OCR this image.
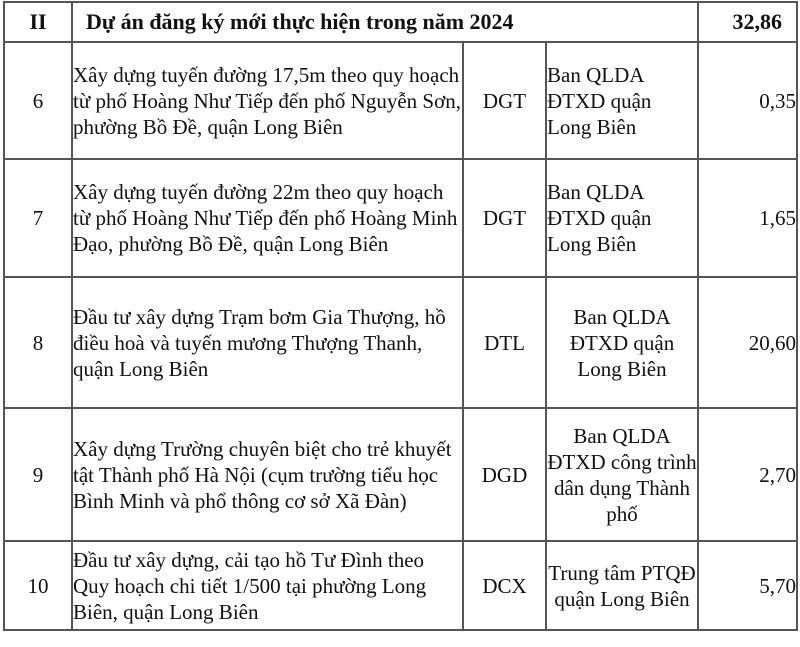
II	Dự án đăng ký mới thực hiện trong năm 2024			32,86
6	Xây dựng tuyến đường 17,5m theo quy hoạch từ phố Hoàng Như Tiếp đến phố Nguyễn Sơn, phường Bồ Đề, quận Long Biên	DGT	Ban QLDA ĐTXD quận Long Biên	0,35
7	Xây dựng tuyến đường 22m theo quy hoạch từ phố Hoàng Như Tiếp đến phố Hoàng Minh Đạo, phường Bồ Đề, quận Long Biên	DGT	Ban QLDA ĐTXD quận Long Biên	1,65
8	Đầu tư xây dựng Trạm bơm Gia Thượng, hồ điều hoà và tuyến mương Thượng Thanh, quận Long Biên	DTL	Ban QLDA ĐTXD quận Long Biên	20,60
9	Xây dựng Trường chuyên biệt cho trẻ khuyết tật Thành phố Hà Nội (cụm trường tiểu học Bình Minh và phổ thông cơ sở Xã Đàn)	DGD	Ban QLDA ĐTXD công trình dân dụng Thành phố	2,70
10	Đầu tư xây dựng, cải tạo hồ Tư Đình theo Quy hoạch chi tiết 1/500 tại phường Long Biên, quận Long Biên	DCX	Trung tâm PTQĐ quận Long Biên	5,70
